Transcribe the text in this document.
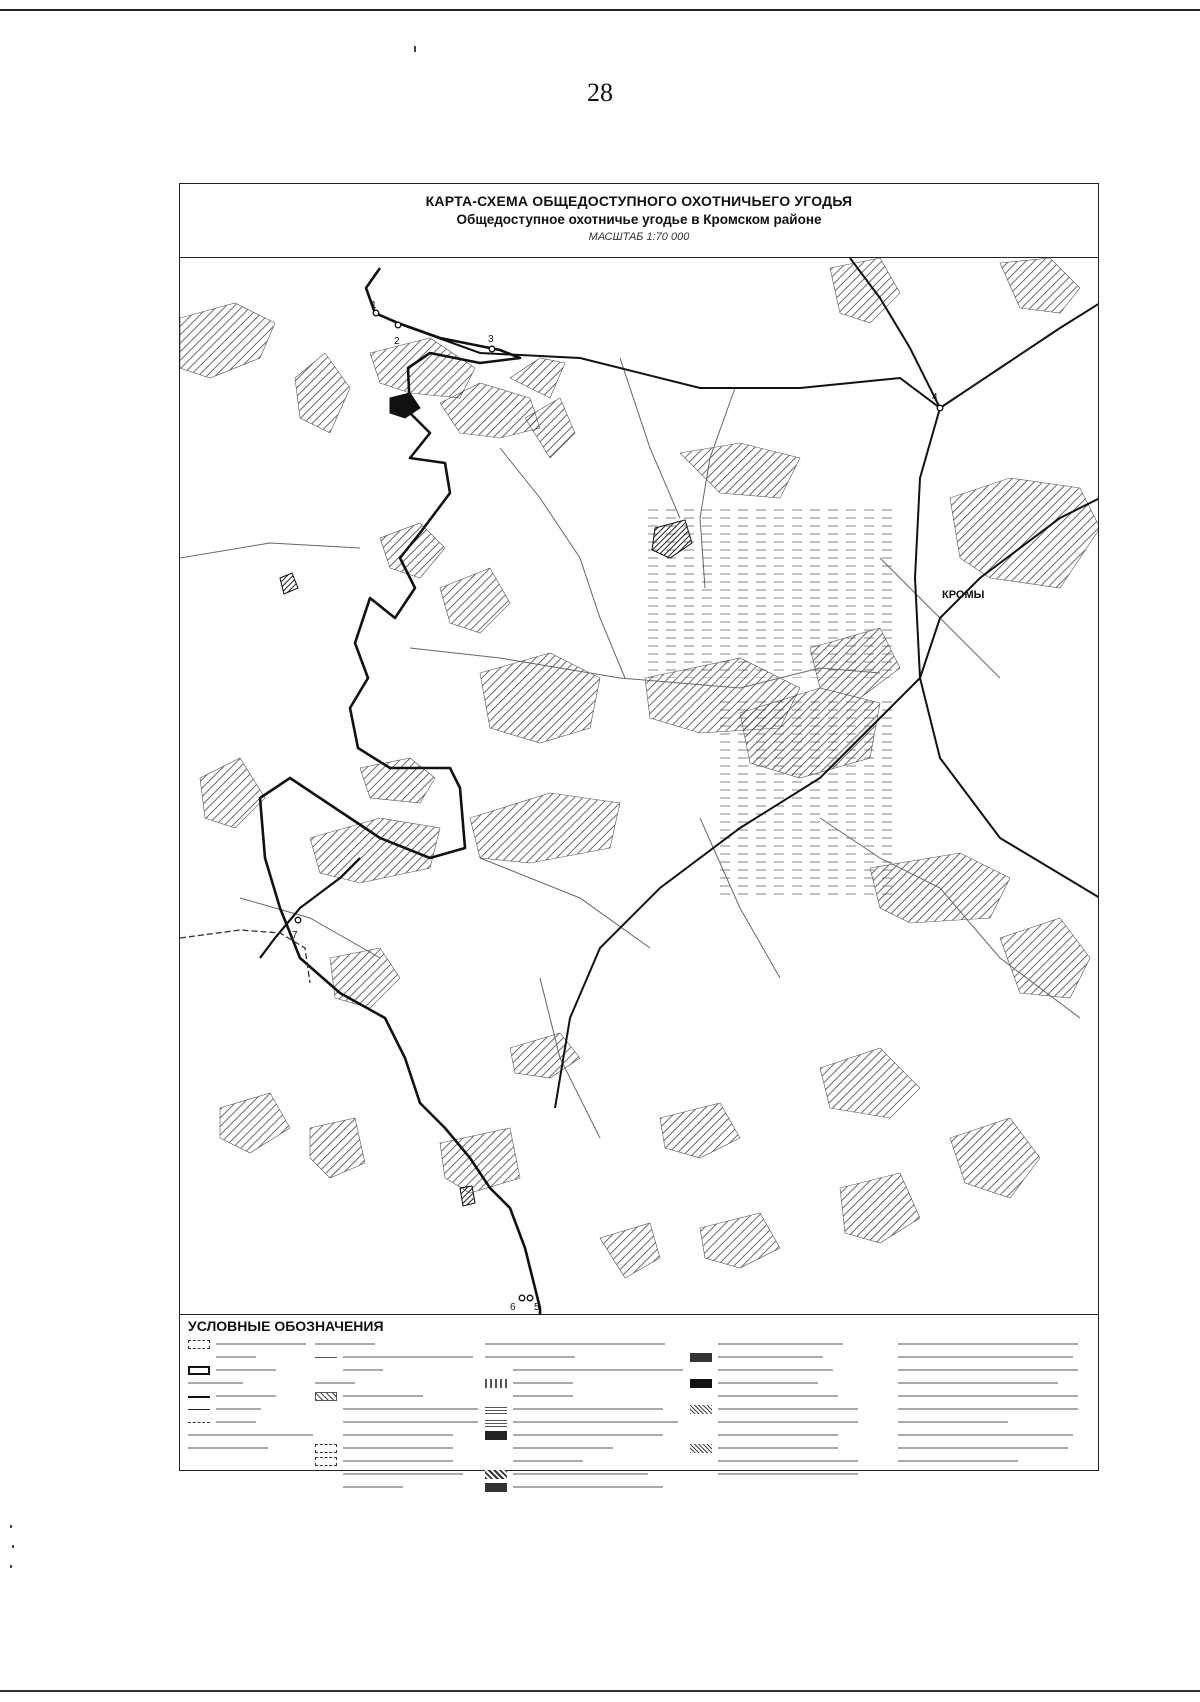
28
КАРТА-СХЕМА ОБЩЕДОСТУПНОГО ОХОТНИЧЬЕГО УГОДЬЯ
Общедоступное охотничье угодье в Кромском районе
МАСШТАБ 1:70 000
1
2	3
4
5
6
7
КРОМЫ
УСЛОВНЫЕ ОБОЗНАЧЕНИЯ
